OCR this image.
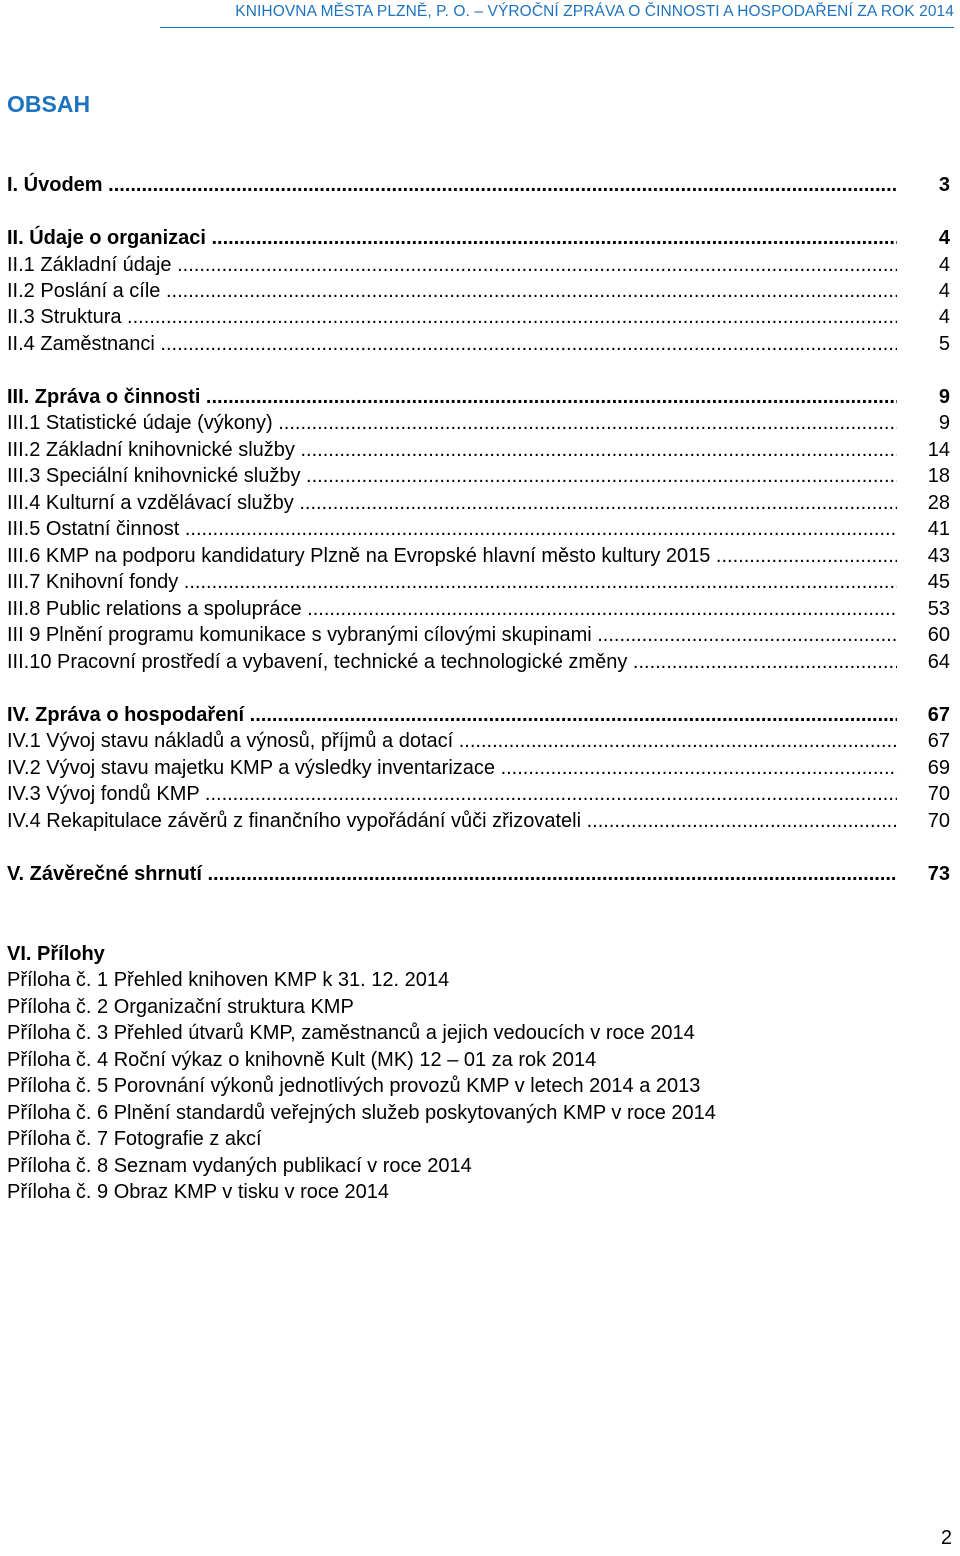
KNIHOVNA MĚSTA PLZNĚ, P. O. – VÝROČNÍ ZPRÁVA O ČINNOSTI A HOSPODAŘENÍ ZA ROK 2014
OBSAH
I. Úvodem .....	3
II. Údaje o organizaci .....	4
II.1 Základní údaje .....	4
II.2 Poslání a cíle .....	4
II.3 Struktura .....	4
II.4 Zaměstnanci .....	5
III. Zpráva o činnosti .....	9
III.1 Statistické údaje (výkony) .....	9
III.2 Základní knihovnické služby .....	14
III.3 Speciální knihovnické služby .....	18
III.4 Kulturní a vzdělávací služby .....	28
III.5 Ostatní činnost .....	41
III.6 KMP na podporu kandidatury Plzně na Evropské hlavní město kultury 2015 .....	43
III.7 Knihovní fondy .....	45
III.8 Public relations a spolupráce .....	53
III 9 Plnění programu komunikace s vybranými cílovými skupinami .....	60
III.10 Pracovní prostředí a vybavení, technické a technologické změny .....	64
IV. Zpráva o hospodaření .....	67
IV.1 Vývoj stavu nákladů a výnosů, příjmů a dotací .....	67
IV.2 Vývoj stavu majetku KMP a výsledky inventarizace .....	69
IV.3 Vývoj fondů KMP .....	70
IV.4 Rekapitulace závěrů z finančního vypořádání vůči zřizovateli .....	70
V. Závěrečné shrnutí .....	73
VI. Přílohy
Příloha č. 1 Přehled knihoven KMP k 31. 12. 2014
Příloha č. 2 Organizační struktura KMP
Příloha č. 3 Přehled útvarů KMP, zaměstnanců a jejich vedoucích v roce 2014
Příloha č. 4 Roční výkaz o knihovně Kult (MK) 12 – 01 za rok 2014
Příloha č. 5 Porovnání výkonů jednotlivých provozů KMP v letech 2014 a 2013
Příloha č. 6 Plnění standardů veřejných služeb poskytovaných KMP v roce 2014
Příloha č. 7 Fotografie z akcí
Příloha č. 8 Seznam vydaných publikací v roce 2014
Příloha č. 9 Obraz KMP v tisku v roce 2014
2
